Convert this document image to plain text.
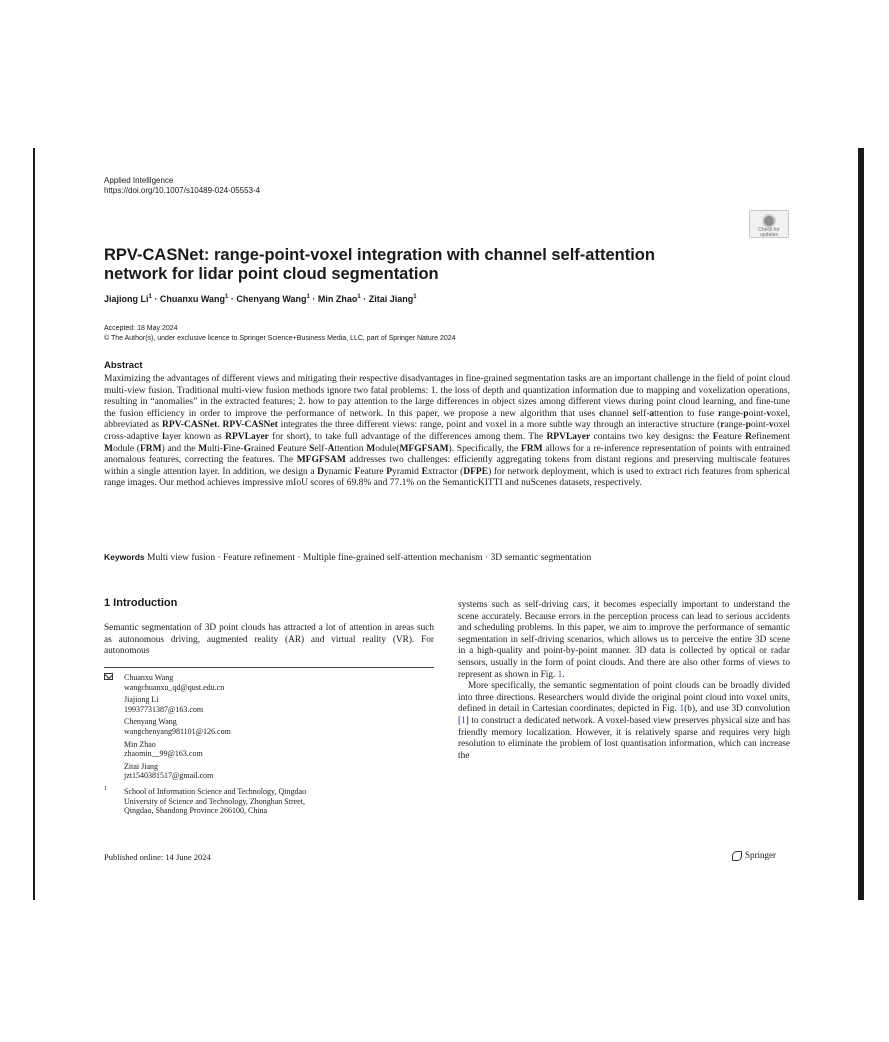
Applied Intelligence
https://doi.org/10.1007/s10489-024-05553-4
Check for updates
RPV-CASNet: range-point-voxel integration with channel self-attention network for lidar point cloud segmentation
Jiajiong $Li^1$ · Chuanxu Wang$^1$ · Chenyang Wang$^1$ · Min Zhao$^1$ · Zitai Jiang$^1$
Accepted: 18 May 2024
© The Author(s), under exclusive licence to Springer Science+Business Media, LLC, part of Springer Nature 2024
Abstract

Maximizing the advantages of different views and mitigating their respective disadvantages in fine-grained segmentation tasks are an important challenge in the field of point cloud multi-view fusion. Traditional multi-view fusion methods ignore two fatal problems: 1. the loss of depth and quantization information due to mapping and voxelization operations, resulting in “anomalies” in the extracted features; 2. how to pay attention to the large differences in object sizes among different views during point cloud learning, and fine-tune the fusion efficiency in order to improve the performance of network. In this paper, we propose a new algorithm that uses channel self-attention to fuse range-point-voxel, abbreviated as RPV-CASNet. RPV-CASNet integrates the three different views: range, point and voxel in a more subtle way through an interactive structure (range-point-voxel cross-adaptive layer known as RPVLayer for short), to take full advantage of the differences among them. The RPVLayer contains two key designs: the Feature Refinement Module (FRM) and the Multi-Fine-Grained Feature Self-Attention Module(MFGFSAM). Specifically, the FRM allows for a re-inference representation of points with entrained anomalous features, correcting the features. The MFGFSAM addresses two challenges: efficiently aggregating tokens from distant regions and preserving multiscale features within a single attention layer. In addition, we design a Dynamic Feature Pyramid Extractor (DFPE) for network deployment, which is used to extract rich features from spherical range images. Our method achieves impressive mIoU scores of 69.8% and 77.1% on the SemanticKITTI and nuScenes datasets, respectively.

Keywords Multi view fusion · Feature refinement · Multiple fine-grained self-attention mechanism · 3D semantic segmentation

1 Introduction

Semantic segmentation of 3D point clouds has attracted a lot of attention in areas such as autonomous driving, augmented reality (AR) and virtual reality (VR). For autonomous

Chuanxu Wang
wangchuanxu_qd@qust.edu.cn
Jiajiong Li
19937731387@163.com
Chenyang Wang
wangchenyang981101@126.com
Min Zhao
zhaomin__99@163.com
Zitai Jiang
jzt1540381517@gmail.com
1 School of Information Science and Technology, Qingdao
University of Science and Technology, Zhonghan Street,
Qingdao, Shandong Province 266100, China

systems such as self-driving cars, it becomes especially important to understand the scene accurately. Because errors in the perception process can lead to serious accidents and scheduling problems. In this paper, we aim to improve the performance of semantic segmentation in self-driving scenarios, which allows us to perceive the entire 3D scene in a high-quality and point-by-point manner. 3D data is collected by optical or radar sensors, usually in the form of point clouds. And there are also other forms of views to represent as shown in Fig. 1.

More specifically, the semantic segmentation of point clouds can be broadly divided into three directions. Researchers would divide the original point cloud into voxel units, defined in detail in Cartesian coordinates, depicted in Fig. 1(b), and use 3D convolution [1] to construct a dedicated network. A voxel-based view preserves physical size and has friendly memory localization. However, it is relatively sparse and requires very high resolution to eliminate the problem of lost quantisation information, which can increase the

Published online: 14 June 2024	Springer
